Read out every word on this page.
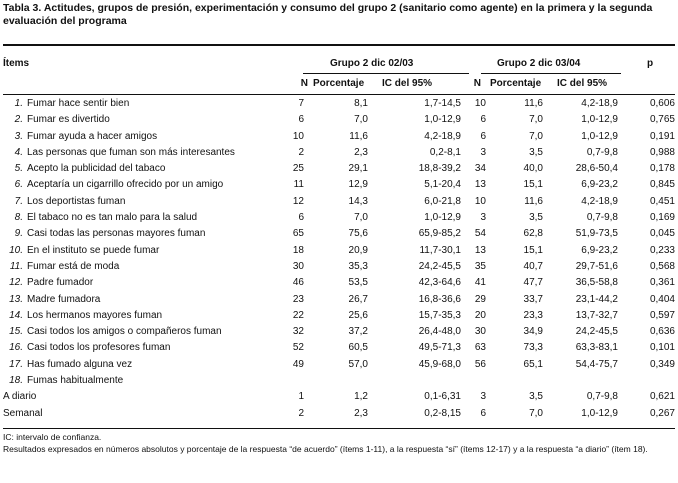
Tabla 3. Actitudes, grupos de presión, experimentación y consumo del grupo 2 (sanitario como agente) en la primera y la segunda evaluación del programa
Ítems	Grupo 2 dic 02/03	Grupo 2 dic 03/04	p
N Porcentaje IC del 95%	N Porcentaje IC del 95%
1. Fumar hace sentir bien	7	8,1	1,7-14,5	10	11,6	4,2-18,9	0,606
2. Fumar es divertido	6	7,0	1,0-12,9	6	7,0	1,0-12,9	0,765
3. Fumar ayuda a hacer amigos	10	11,6	4,2-18,9	6	7,0	1,0-12,9	0,191
4. Las personas que fuman son más interesantes	2	2,3	0,2-8,1	3	3,5	0,7-9,8	0,988
5. Acepto la publicidad del tabaco	25	29,1	18,8-39,2	34	40,0	28,6-50,4	0,178
6. Aceptaría un cigarrillo ofrecido por un amigo	11	12,9	5,1-20,4	13	15,1	6,9-23,2	0,845
7. Los deportistas fuman	12	14,3	6,0-21,8	10	11,6	4,2-18,9	0,451
8. El tabaco no es tan malo para la salud	6	7,0	1,0-12,9	3	3,5	0,7-9,8	0,169
9. Casi todas las personas mayores fuman	65	75,6	65,9-85,2	54	62,8	51,9-73,5	0,045
10. En el instituto se puede fumar	18	20,9	11,7-30,1	13	15,1	6,9-23,2	0,233
11. Fumar está de moda	30	35,3	24,2-45,5	35	40,7	29,7-51,6	0,568
12. Padre fumador	46	53,5	42,3-64,6	41	47,7	36,5-58,8	0,361
13. Madre fumadora	23	26,7	16,8-36,6	29	33,7	23,1-44,2	0,404
14. Los hermanos mayores fuman	22	25,6	15,7-35,3	20	23,3	13,7-32,7	0,597
15. Casi todos los amigos o compañeros fuman	32	37,2	26,4-48,0	30	34,9	24,2-45,5	0,636
16. Casi todos los profesores fuman	52	60,5	49,5-71,3	63	73,3	63,3-83,1	0,101
17. Has fumado alguna vez	49	57,0	45,9-68,0	56	65,1	54,4-75,7	0,349
18. Fumas habitualmente							
A diario	1	1,2	0,1-6,31	3	3,5	0,7-9,8	0,621
Semanal	2	2,3	0,2-8,15	6	7,0	1,0-12,9	0,267
IC: intervalo de confianza.
Resultados expresados en números absolutos y porcentaje de la respuesta “de acuerdo” (ítems 1-11), a la respuesta “sí” (ítems 12-17) y a la respuesta “a diario” (ítem 18).
